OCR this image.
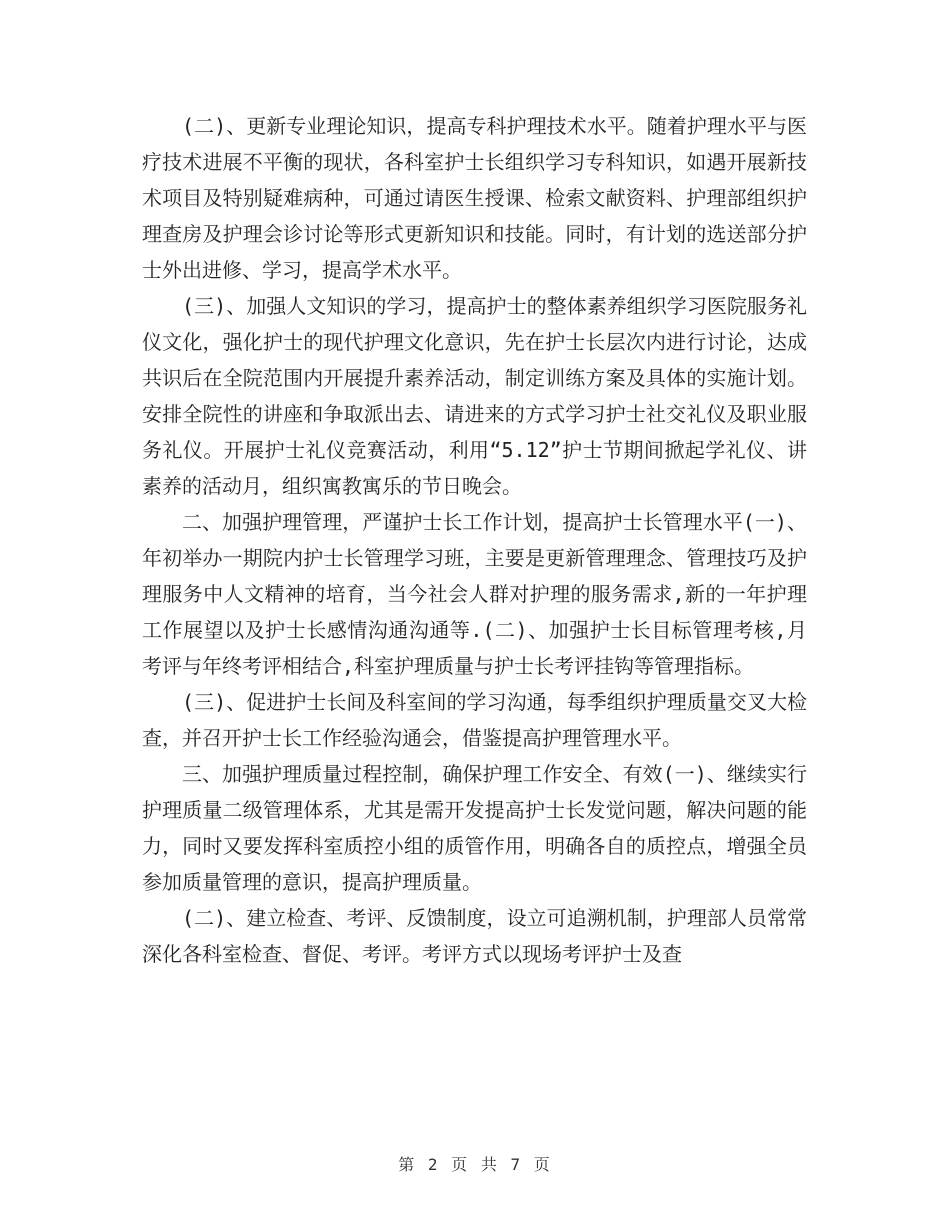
(二)、更新专业理论知识，提高专科护理技术水平。随着护理水平与医疗技术进展不平衡的现状，各科室护士长组织学习专科知识，如遇开展新技术项目及特别疑难病种，可通过请医生授课、检索文献资料、护理部组织护理查房及护理会诊讨论等形式更新知识和技能。同时，有计划的选送部分护士外出进修、学习，提高学术水平。

(三)、加强人文知识的学习，提高护士的整体素养组织学习医院服务礼仪文化，强化护士的现代护理文化意识，先在护士长层次内进行讨论，达成共识后在全院范围内开展提升素养活动，制定训练方案及具体的实施计划。安排全院性的讲座和争取派出去、请进来的方式学习护士社交礼仪及职业服务礼仪。开展护士礼仪竞赛活动，利用“5.12”护士节期间掀起学礼仪、讲素养的活动月，组织寓教寓乐的节日晚会。

二、加强护理管理，严谨护士长工作计划，提高护士长管理水平(一)、年初举办一期院内护士长管理学习班，主要是更新管理理念、管理技巧及护理服务中人文精神的培育，当今社会人群对护理的服务需求,新的一年护理工作展望以及护士长感情沟通沟通等.(二)、加强护士长目标管理考核,月考评与年终考评相结合,科室护理质量与护士长考评挂钩等管理指标。

(三)、促进护士长间及科室间的学习沟通，每季组织护理质量交叉大检查，并召开护士长工作经验沟通会，借鉴提高护理管理水平。

三、加强护理质量过程控制，确保护理工作安全、有效(一)、继续实行护理质量二级管理体系，尤其是需开发提高护士长发觉问题，解决问题的能力，同时又要发挥科室质控小组的质管作用，明确各自的质控点，增强全员参加质量管理的意识，提高护理质量。

(二)、建立检查、考评、反馈制度，设立可追溯机制，护理部人员常常深化各科室检查、督促、考评。考评方式以现场考评护士及查

第 2 页 共 7 页
